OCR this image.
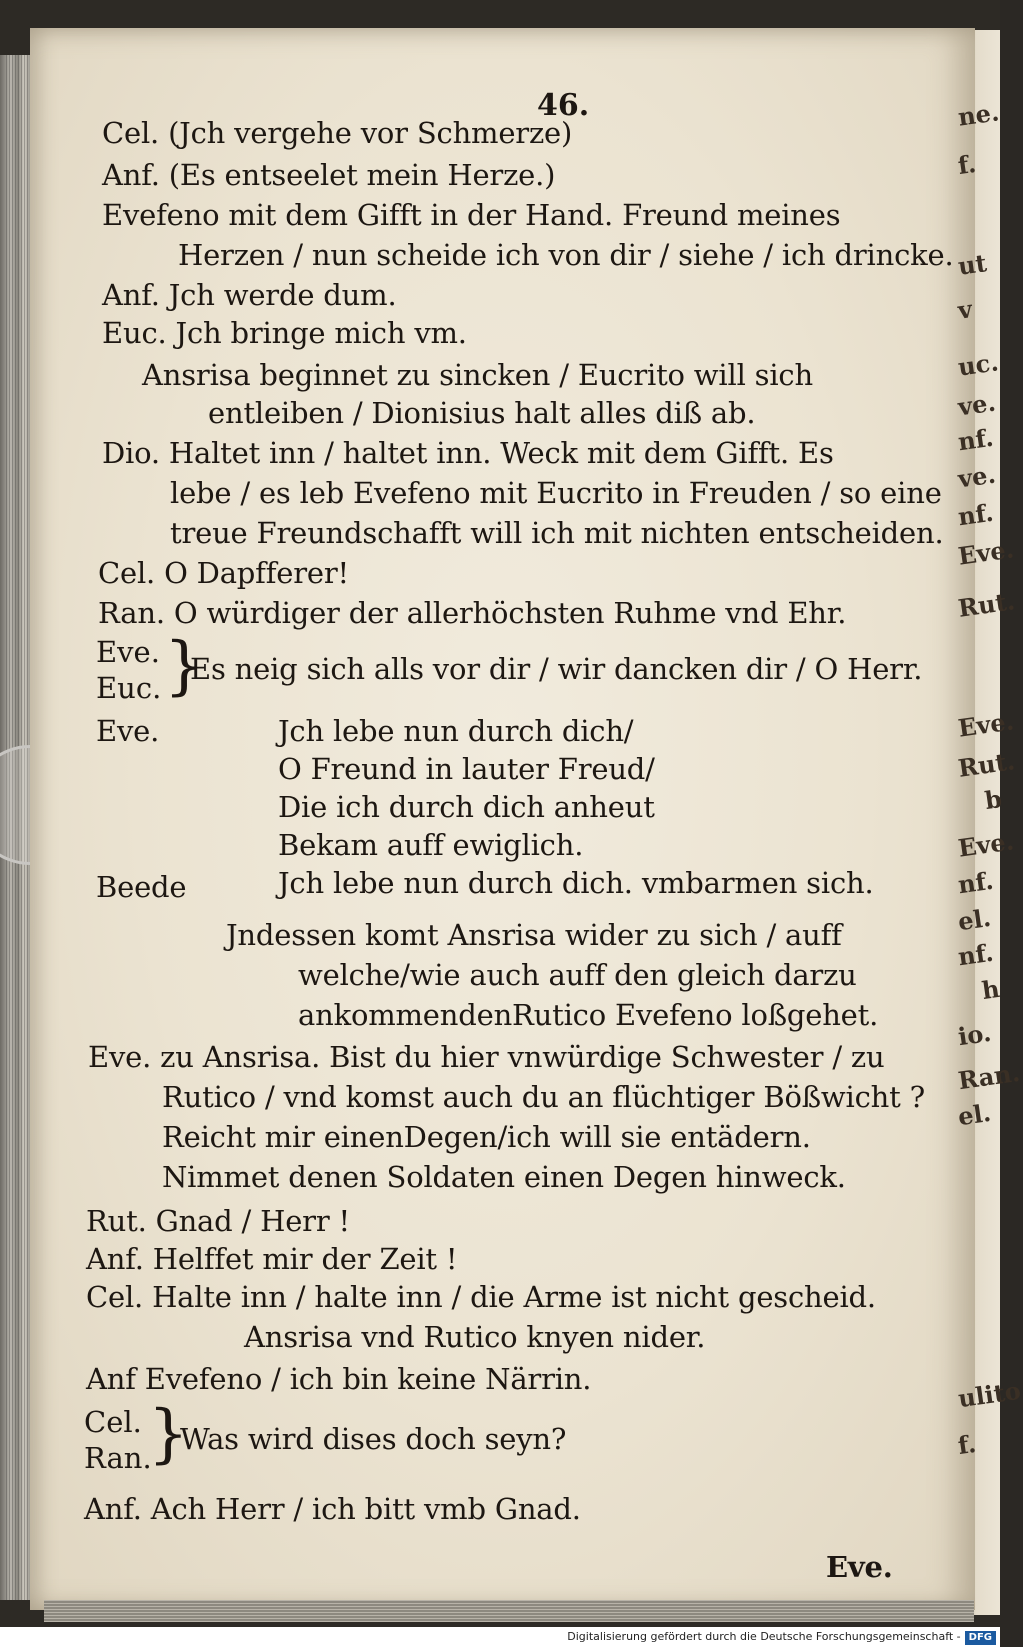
46.
Cel. (Jch vergehe vor Schmerze)
Anf. (Es entseelet mein Herze.)
Evefeno mit dem Gifft in der Hand. Freund meines
Herzen / nun scheide ich von dir / siehe / ich drincke.
Anf. Jch werde dum.
Euc. Jch bringe mich vm.
Ansrisa beginnet zu sincken / Eucrito will sich
entleiben / Dionisius halt alles diß ab.
Dio. Haltet inn / haltet inn. Weck mit dem Gifft. Es
lebe / es leb Evefeno mit Eucrito in Freuden / so eine
treue Freundschafft will ich mit nichten entscheiden.
Cel. O Dapfferer!
Ran. O würdiger der allerhöchsten Ruhme vnd Ehr.
Eve.
Euc. }
Es neig sich alls vor dir / wir dancken dir / O Herr.
Eve.	Jch lebe nun durch dich/
O Freund in lauter Freud/
Die ich durch dich anheut
Bekam auff ewiglich.
Beede	Jch lebe nun durch dich. vmbarmen sich.
Jndessen komt Ansrisa wider zu sich / auff
welche/wie auch auff den gleich darzu
ankommendenRutico Evefeno loßgehet.
Eve. zu Ansrisa. Bist du hier vnwürdige Schwester / zu
Rutico / vnd komst auch du an flüchtiger Bößwicht ?
Reicht mir einenDegen/ich will sie entädern.
Nimmet denen Soldaten einen Degen hinweck.
Rut. Gnad / Herr !
Anf. Helffet mir der Zeit !
Cel. Halte inn / halte inn / die Arme ist nicht gescheid.
Ansrisa vnd Rutico knyen nider.
Anf Evefeno / ich bin keine Närrin.
Cel.
Ran.
}
Was wird dises doch seyn?
Anf. Ach Herr / ich bitt vmb Gnad.
Eve.
ne.
f.
ut
v
uc.
ve.
nf.
ve.
nf.
Eve.
Rut.
Eve.
Rut.
b
Eve.
nf.
el.
nf.
h
io.
Ran.
el.
ulito
f.
Digitalisierung gefördert durch die Deutsche Forschungsgemeinschaft - DFG
